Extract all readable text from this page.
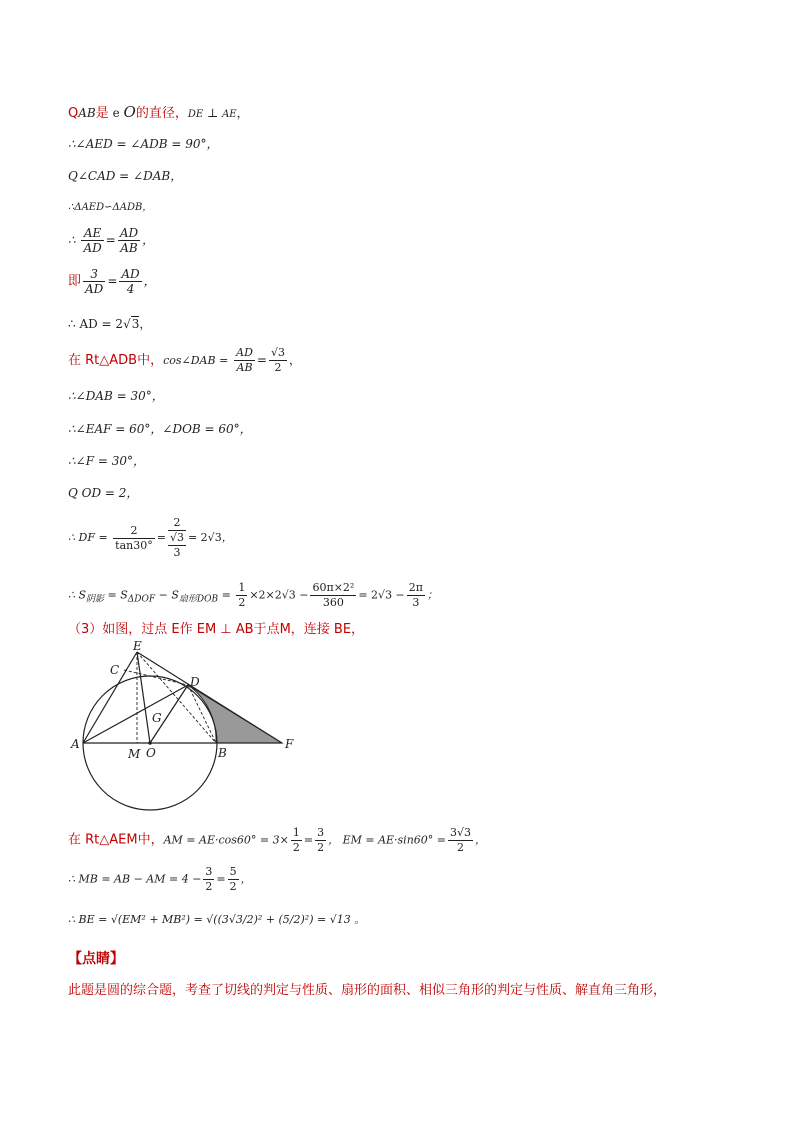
QAB是 e O的直径，DE ⊥ AE，
∴∠AED = ∠ADB = 90°，
Q∠CAD = ∠DAB，
∴ΔAED∽ΔADB，
∴ $\frac{AE}{AD} = \frac{AD}{AB}$ ，
即 $\frac{3}{AD} = \frac{AD}{4}$ ，
∴ AD = 2√ 3，
在 Rt△ADB中，cos∠DAB = $\frac{AD}{AB} = \frac{√3}{2}$ ，
∴∠DAB = 30°，
∴∠EAF = 60°，∠DOB = 60°，
∴∠F = 30°，
Q OD = 2，
∴ DF = $\frac{2}{\tan 30^\circ}$ =
2
√3
3
= 2√3，
∴ $S_{阴影} = S_{\Delta DOF} - S_{扇形DOB} = \frac{1}{2} \times 2\times 2√3 - \frac{\text{60π×2²}}{360} = 2√3 - \frac{2\pi}{3}$ ；
（3）如图，过点 E作 EM ⊥ AB于点M，连接 BE，
E
C
D
G
A
M O	B
F
在 Rt△AEM中，AM = $AE\cdot\cos 60^\circ = 3\times \frac{1}{2} = \frac{3}{2}$ ， EM = $AE\cdot\sin 60^\circ = \frac{3√3}{2}$ ，
∴ MB = AB − AM = $4 - \frac{3}{2} = \frac{5}{2}$ ，
∴ BE = √(EM² + MB²) = √((3√3/2)² + (5/2)²) = √13 。
【点睛】
此题是圆的综合题，考查了切线的判定与性质、扇形的面积、相似三角形的判定与性质、解直角三角形，
